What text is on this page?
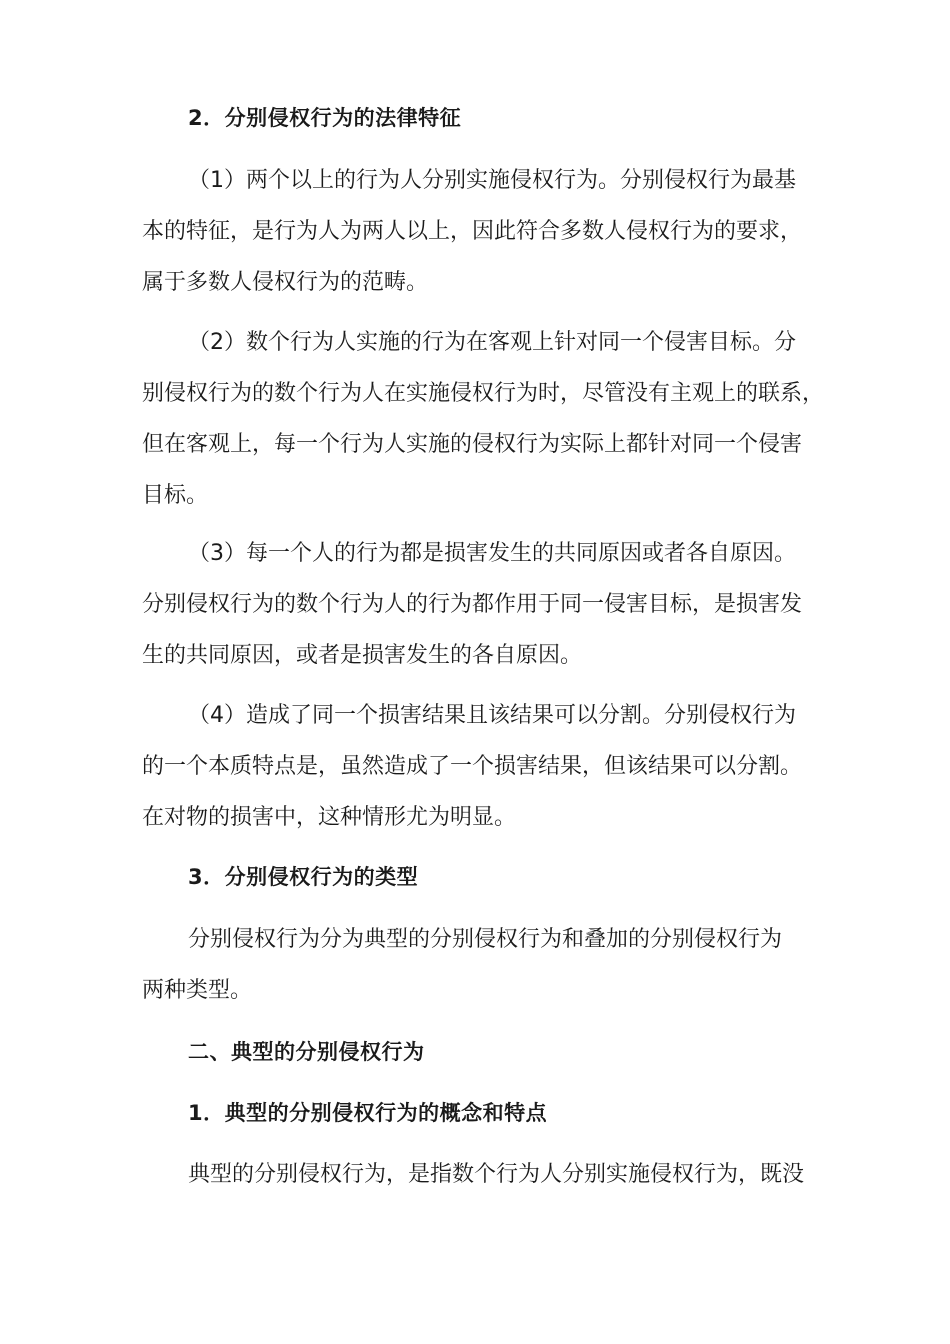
2．分别侵权行为的法律特征
（1）两个以上的行为人分别实施侵权行为。分别侵权行为最基
本的特征，是行为人为两人以上，因此符合多数人侵权行为的要求，
属于多数人侵权行为的范畴。
（2）数个行为人实施的行为在客观上针对同一个侵害目标。分
别侵权行为的数个行为人在实施侵权行为时，尽管没有主观上的联系，
但在客观上，每一个行为人实施的侵权行为实际上都针对同一个侵害
目标。
（3）每一个人的行为都是损害发生的共同原因或者各自原因。
分别侵权行为的数个行为人的行为都作用于同一侵害目标，是损害发
生的共同原因，或者是损害发生的各自原因。
（4）造成了同一个损害结果且该结果可以分割。分别侵权行为
的一个本质特点是，虽然造成了一个损害结果，但该结果可以分割。
在对物的损害中，这种情形尤为明显。
3．分别侵权行为的类型
分别侵权行为分为典型的分别侵权行为和叠加的分别侵权行为
两种类型。
二、典型的分别侵权行为
1．典型的分别侵权行为的概念和特点
典型的分别侵权行为，是指数个行为人分别实施侵权行为，既没
